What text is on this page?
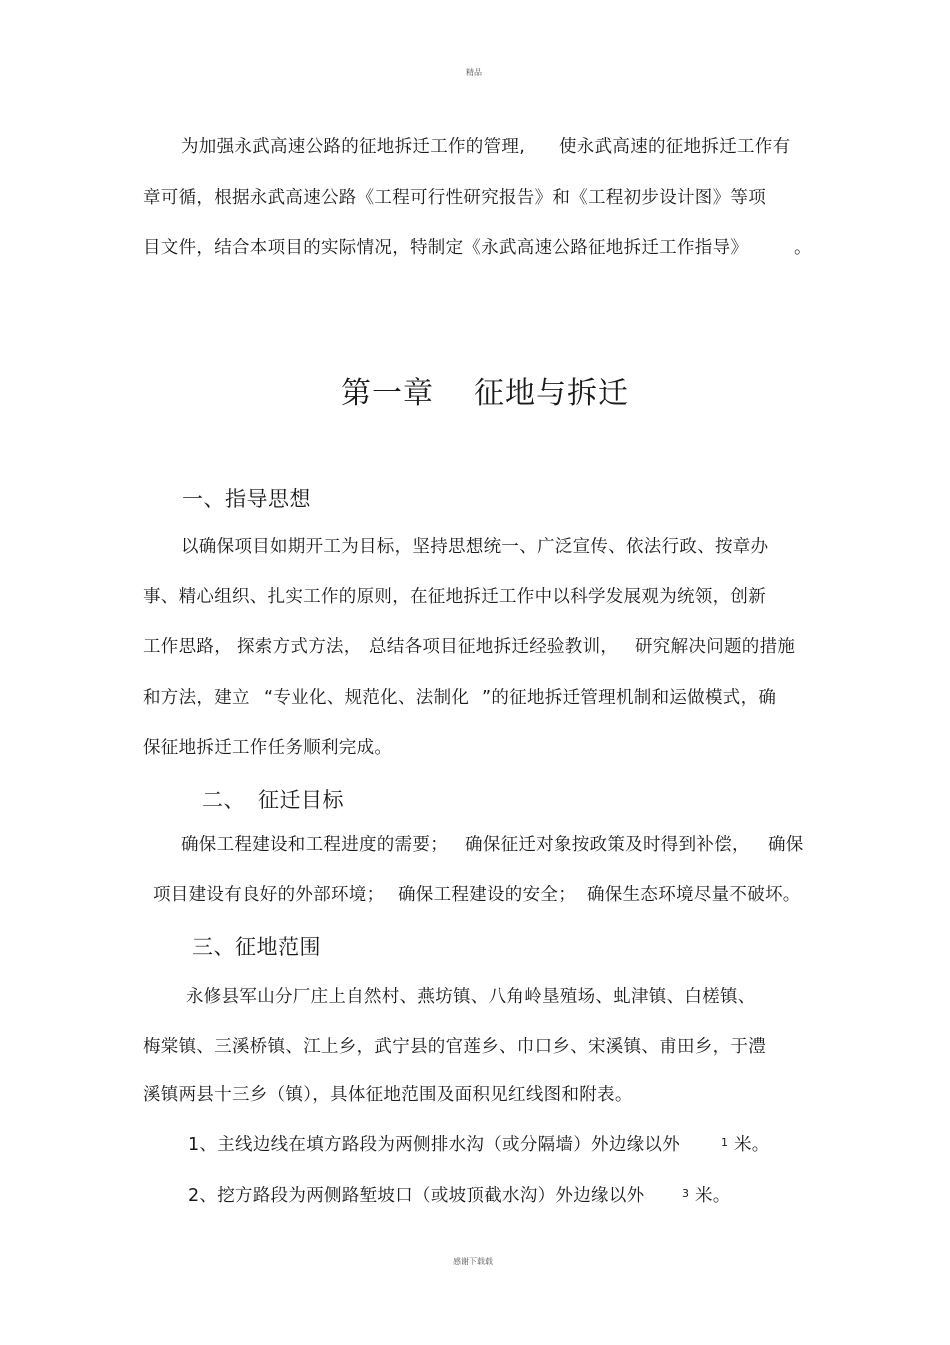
精品
为加强永武高速公路的征地拆迁工作的管理, 使永武高速的征地拆迁工作有
章可循，根据永武高速公路《工程可行性研究报告》和《工程初步设计图》等项
目文件，结合本项目的实际情况，特制定《永武高速公路征地拆迁工作指导》	。
第一章 征地与拆迁
一、指导思想
以确保项目如期开工为目标，坚持思想统一、广泛宣传、依法行政、按章办
事、精心组织、扎实工作的原则，在征地拆迁工作中以科学发展观为统领，创新
工作思路， 探索方式方法， 总结各项目征地拆迁经验教训， 研究解决问题的措施
和方法，建立 “专业化、规范化、法制化 ”的征地拆迁管理机制和运做模式，确
保征地拆迁工作任务顺利完成。
二、 征迁目标
确保工程建设和工程进度的需要； 确保征迁对象按政策及时得到补偿， 确保
项目建设有良好的外部环境； 确保工程建设的安全； 确保生态环境尽量不破坏。
三、征地范围
永修县军山分厂庄上自然村、燕坊镇、八角岭垦殖场、虬津镇、白槎镇、
梅棠镇、三溪桥镇、江上乡，武宁县的官莲乡、巾口乡、宋溪镇、甫田乡，于澧
溪镇两县十三乡（镇），具体征地范围及面积见红线图和附表。
1、主线边线在填方路段为两侧排水沟（或分隔墙）外边缘以外	1 米。
2、挖方路段为两侧路堑坡口（或坡顶截水沟）外边缘以外	3 米。
感谢下载载
